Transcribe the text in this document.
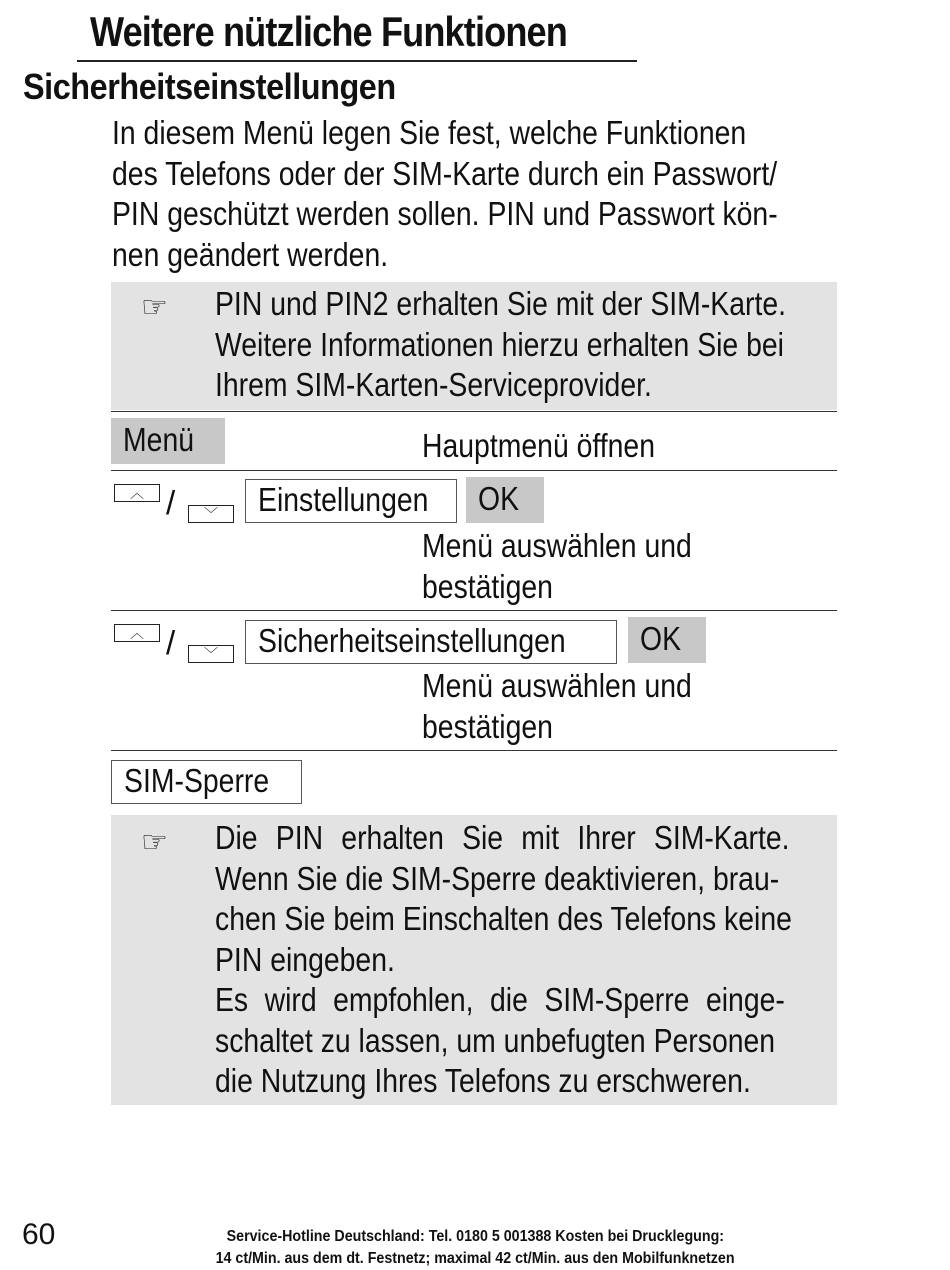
Weitere nützliche Funktionen
Sicherheitseinstellungen
In diesem Menü legen Sie fest, welche Funktionen
des Telefons oder der SIM-Karte durch ein Passwort/
PIN geschützt werden sollen. PIN und Passwort kön-
nen geändert werden.
☞ PIN und PIN2 erhalten Sie mit der SIM-Karte.
Weitere Informationen hierzu erhalten Sie bei
Ihrem SIM-Karten-Serviceprovider.
Menü	Hauptmenü öffnen
︿ /	﹀	Einstellungen	OK
Menü auswählen und
bestätigen
︿ /	﹀	Sicherheitseinstellungen	OK
Menü auswählen und
bestätigen
SIM-Sperre
☞ Die PIN erhalten Sie mit Ihrer SIM-Karte.
Wenn Sie die SIM-Sperre deaktivieren, brau-
chen Sie beim Einschalten des Telefons keine
PIN eingeben.
Es wird empfohlen, die SIM-Sperre einge-
schaltet zu lassen, um unbefugten Personen
die Nutzung Ihres Telefons zu erschweren.
60	Service-Hotline Deutschland: Tel. 0180 5 001388 Kosten bei Drucklegung:
14 ct/Min. aus dem dt. Festnetz; maximal 42 ct/Min. aus den Mobilfunknetzen
